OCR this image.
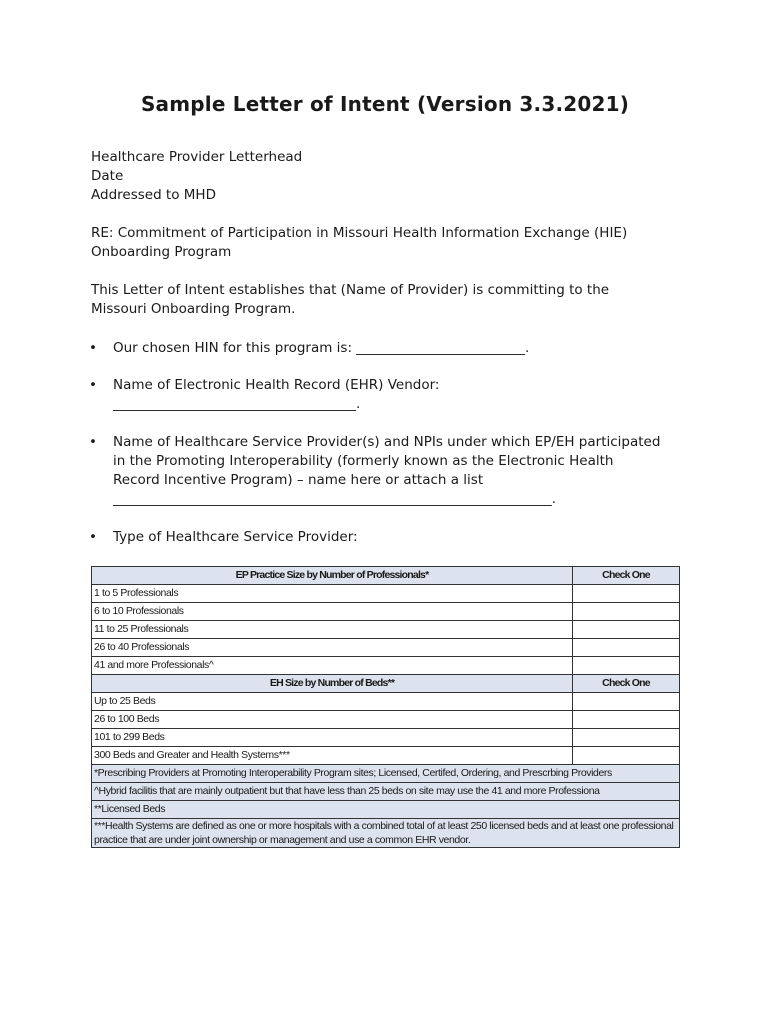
Sample Letter of Intent (Version 3.3.2021)
Healthcare Provider Letterhead
Date
Addressed to MHD
RE: Commitment of Participation in Missouri Health Information Exchange (HIE)
Onboarding Program
This Letter of Intent establishes that (Name of Provider) is committing to the
Missouri Onboarding Program.
• Our chosen HIN for this program is: _________________________.
• Name of Electronic Health Record (EHR) Vendor:
____________________________________.
• Name of Healthcare Service Provider(s) and NPIs under which EP/EH participated
in the Promoting Interoperability (formerly known as the Electronic Health
Record Incentive Program) – name here or attach a list
_________________________________________________________________.
• Type of Healthcare Service Provider:
EP Practice Size by Number of Professionals*	Check One
1 to 5 Professionals	
6 to 10 Professionals	
11 to 25 Professionals	
26 to 40 Professionals	
41 and more Professionals^	
EH Size by Number of Beds**	Check One
Up to 25 Beds	
26 to 100 Beds	
101 to 299 Beds	
300 Beds and Greater and Health Systems***	
*Prescribing Providers at Promoting Interoperability Program sites; Licensed, Certifed, Ordering, and Prescrbing Providers	
^Hybrid facilitis that are mainly outpatient but that have less than 25 beds on site may use the 41 and more Professiona	
**Licensed Beds	
***Health Systems are defined as one or more hospitals with a combined total of at least 250 licensed beds and at least one professional practice that are under joint ownership or management and use a common EHR vendor.	
